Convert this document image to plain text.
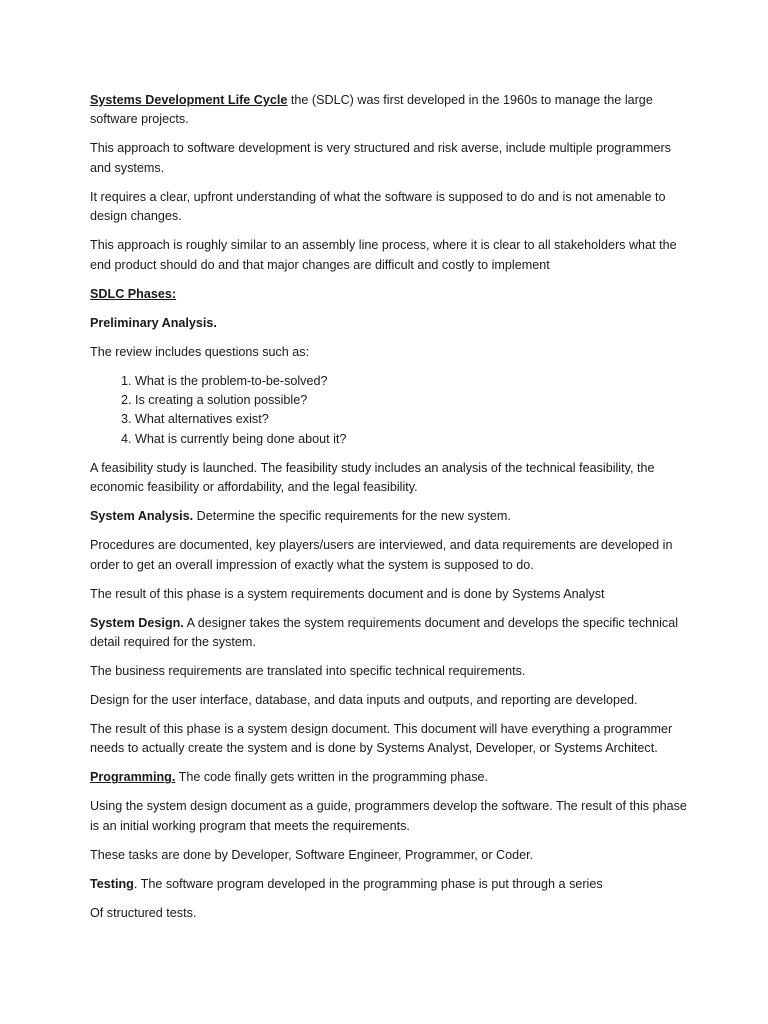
Systems Development Life Cycle the (SDLC) was first developed in the 1960s to manage the large software projects.

This approach to software development is very structured and risk averse, include multiple programmers and systems.

It requires a clear, upfront understanding of what the software is supposed to do and is not amenable to design changes.

This approach is roughly similar to an assembly line process, where it is clear to all stakeholders what the end product should do and that major changes are difficult and costly to implement

SDLC Phases:

Preliminary Analysis.

The review includes questions such as:

1. What is the problem-to-be-solved?
2. Is creating a solution possible?
3. What alternatives exist?
4. What is currently being done about it?

A feasibility study is launched. The feasibility study includes an analysis of the technical feasibility, the economic feasibility or affordability, and the legal feasibility.

System Analysis. Determine the specific requirements for the new system.

Procedures are documented, key players/users are interviewed, and data requirements are developed in order to get an overall impression of exactly what the system is supposed to do.

The result of this phase is a system requirements document and is done by Systems Analyst

System Design. A designer takes the system requirements document and develops the specific technical detail required for the system.

The business requirements are translated into specific technical requirements.

Design for the user interface, database, and data inputs and outputs, and reporting are developed.

The result of this phase is a system design document. This document will have everything a programmer needs to actually create the system and is done by Systems Analyst, Developer, or Systems Architect.

Programming. The code finally gets written in the programming phase.

Using the system design document as a guide, programmers develop the software. The result of this phase is an initial working program that meets the requirements.

These tasks are done by Developer, Software Engineer, Programmer, or Coder.

Testing. The software program developed in the programming phase is put through a series

Of structured tests.
